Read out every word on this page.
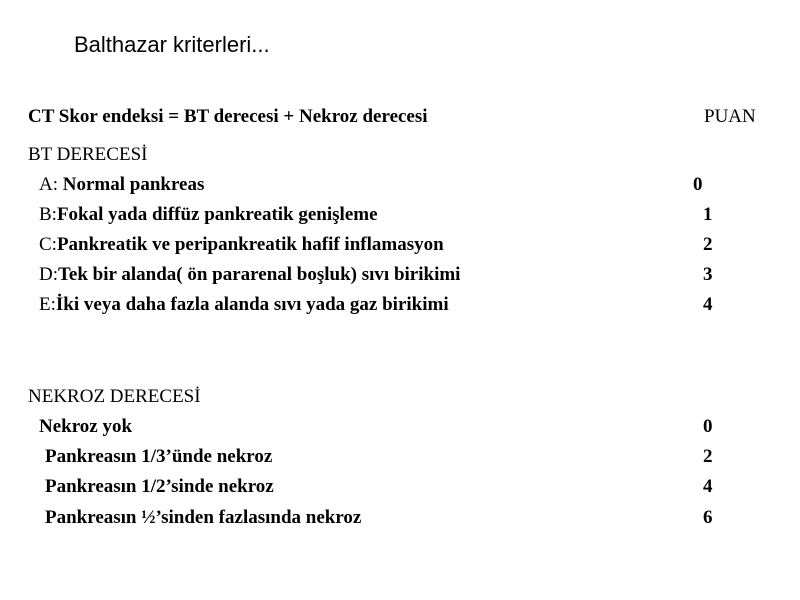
Balthazar kriterleri...
CT Skor endeksi = BT derecesi + Nekroz derecesi	PUAN
BT DERECESİ
A: Normal pankreas	0
B:Fokal yada diffüz pankreatik genişleme	1
C:Pankreatik ve peripankreatik hafif inflamasyon	2
D:Tek bir alanda( ön pararenal boşluk) sıvı birikimi	3
E:İki veya daha fazla alanda sıvı yada gaz birikimi	4
NEKROZ DERECESİ
Nekroz yok	0
Pankreasın 1/3’ünde nekroz	2
Pankreasın 1/2’sinde nekroz	4
Pankreasın ½’sinden fazlasında nekroz	6
